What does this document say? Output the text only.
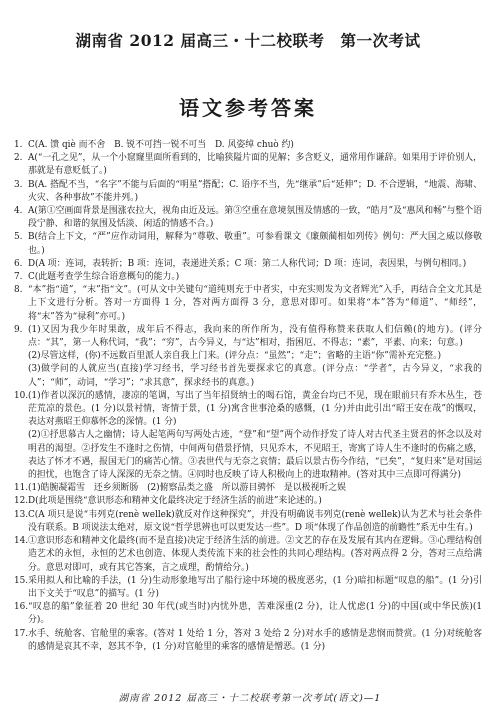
湖南省 2012 届高三・十二校联考　第一次考试
语文参考答案
1. C(A. 馈 qiè 而不舍　B. 锐不可挡一锐不可当　D. 风姿绰 chuò 约)
2. A(“一孔之见”，从一个小窟窿里面所看到的，比喻狭隘片面的见解；多含贬义，通常用作谦辞。如果用于评价别人，那就是有意贬低了。)
3. B(A. 搭配不当，“名字”不能与后面的“明星”搭配；C. 语序不当，先“继承”后“延伸”；D. 不合逻辑，“地震、海啸、火灾、各种事故”不能并列。)
4. A(第①空画面背景是围涨农拉大，视角由近及远。第③空重在意境氛围及情感的一致，“皓月”及“惠风和畅”与整个语段宁静、和谐的氛围及恬淡、闲适的情感不合。)
5. B(结合上下文，“严”应作动词用，解释为“尊敬、敬重”。可参看课文《廉颇蔺相如列传》例句：严大国之威以修敬也。)
6. D(A 项：连词，表转折；B 项：连词，表递进关系；C 项：第二人称代词；D 项：连词，表因果，与例句相同。)
7. C(此题考查学生综合语意概句的能力。)
8. “本”指“道”，“末”指“文”。(可从文中关键句“道纯则充于中者实，中充实则发为文者辉光”入手，再结合全文尤其是上下文进行分析。答对一方面得 1 分，答对两方面得 3 分，意思对即可。如果将“本”答为“师道”、“师经”，将“末”答为“禄利”亦可。)
9. (1)又因为我少年时果敢，成年后不得志，我向来的所作所为，没有值得称赞来获取人们信赖(的地方)。(评分点：“其”，第一人称代词，“我”；“穷”，古今异义，与“达”相对，指困厄、不得志；“素”，平素、向来；句意。)
(2)尽管这样，(你)不远数百里派人亲自我上门来。(评分点：“虽然”；“走”；省略的主语“你”需补充完整。)
(3)做学问的人就应当(直接)学习经书，学习经书首先要探求它的真意。(评分点：“学者”，古今异义，“求我的人”；“师”，动词，“学习”；“求其意”，探求经书的真意。)
10. (1)作者以深沉的感情，凄凉的笔调，写出了当年招贤纳士的喝石馆，黄金台均已不见，现在眼前只有乔木丛生，苍茫荒凉的景色。(1 分)以景衬情，寄情于景，(1 分)寓含世事沧桑的感慨，(1 分)并由此引出“昭王安在哉”的慨叹，表达对燕昭王仰慕怀念的深情。(1 分)
(2)①抒思慕古人之幽情；诗人起笔两句写两处古迹，“登”和“望”两个动作抒发了诗人对古代圣主贤君的怀念以及对明君的渴望。②抒发生不逢时之伤情，中间两句借景抒情，只见乔木，不见昭王，寄寓了诗人生不逢时的伤痛之感，表达了怀才不遇，报国无门的痛苦心情。③表世代与无奈之哀情；最后以景古伤今作结，“已矣”，“复归来”是对国运的担忧，也饱含了诗人深深的无奈之情。④同时也反映了诗人积极向上的进取精神。(答对其中三点即可得满分)
11. (1)皓腕凝霜雪　还乡须断肠　(2)俯察品类之盛　所以游目骋怀　是以极视听之娱
12. D(此项是围绕“意识形态和精神文化最终决定于经济生活的前进”来论述的。)
13. C(A 项只是说“韦列克(renè wellek)就反对作这种探究”，并没有明确说韦列克(renè wellek)认为艺术与社会条件没有联系。B 项说法太绝对，原文说“哲学思辨也可以更发达一些”。D 项“体现了作品创造的前瞻性”系无中生有。)
14. ①意识形态和精神文化最终(而不是直接)决定于经济生活的前进。②文艺的存在及发展有其内在逻辑。③心理结构创造艺术的永恒，永恒的艺术也创造、体现人类传流下来的社会性的共同心理结构。(答对两点得 2 分，答对三点给满分。意思对即可，或有其它答案，言之成理，酌情给分。)
15. 采用拟人和比喻的手法，(1 分)生动形象地写出了船行途中环境的极度恶劣，(1 分)暗扣标题“叹息的船”。(1 分)引出下文关于“叹息”的描写。(1 分)
16. “叹息的船”象征着 20 世纪 30 年代(或当时)内忧外患，苦难深重(2 分)，让人忧虑(1 分)的中国(或中华民族)(1 分)。
17. 水手、统舱客、官舱里的乘客。(答对 1 处给 1 分，答对 3 处给 2 分)对水手的感情是悲悯而赞赏。(1 分)对统舱客的感情是哀其不幸，怒其不争，(1 分)对官舱里的乘客的感情是憎恶。(1 分)
湖南省 2012 届高三・十二校联考第一次考试(语文)—1
